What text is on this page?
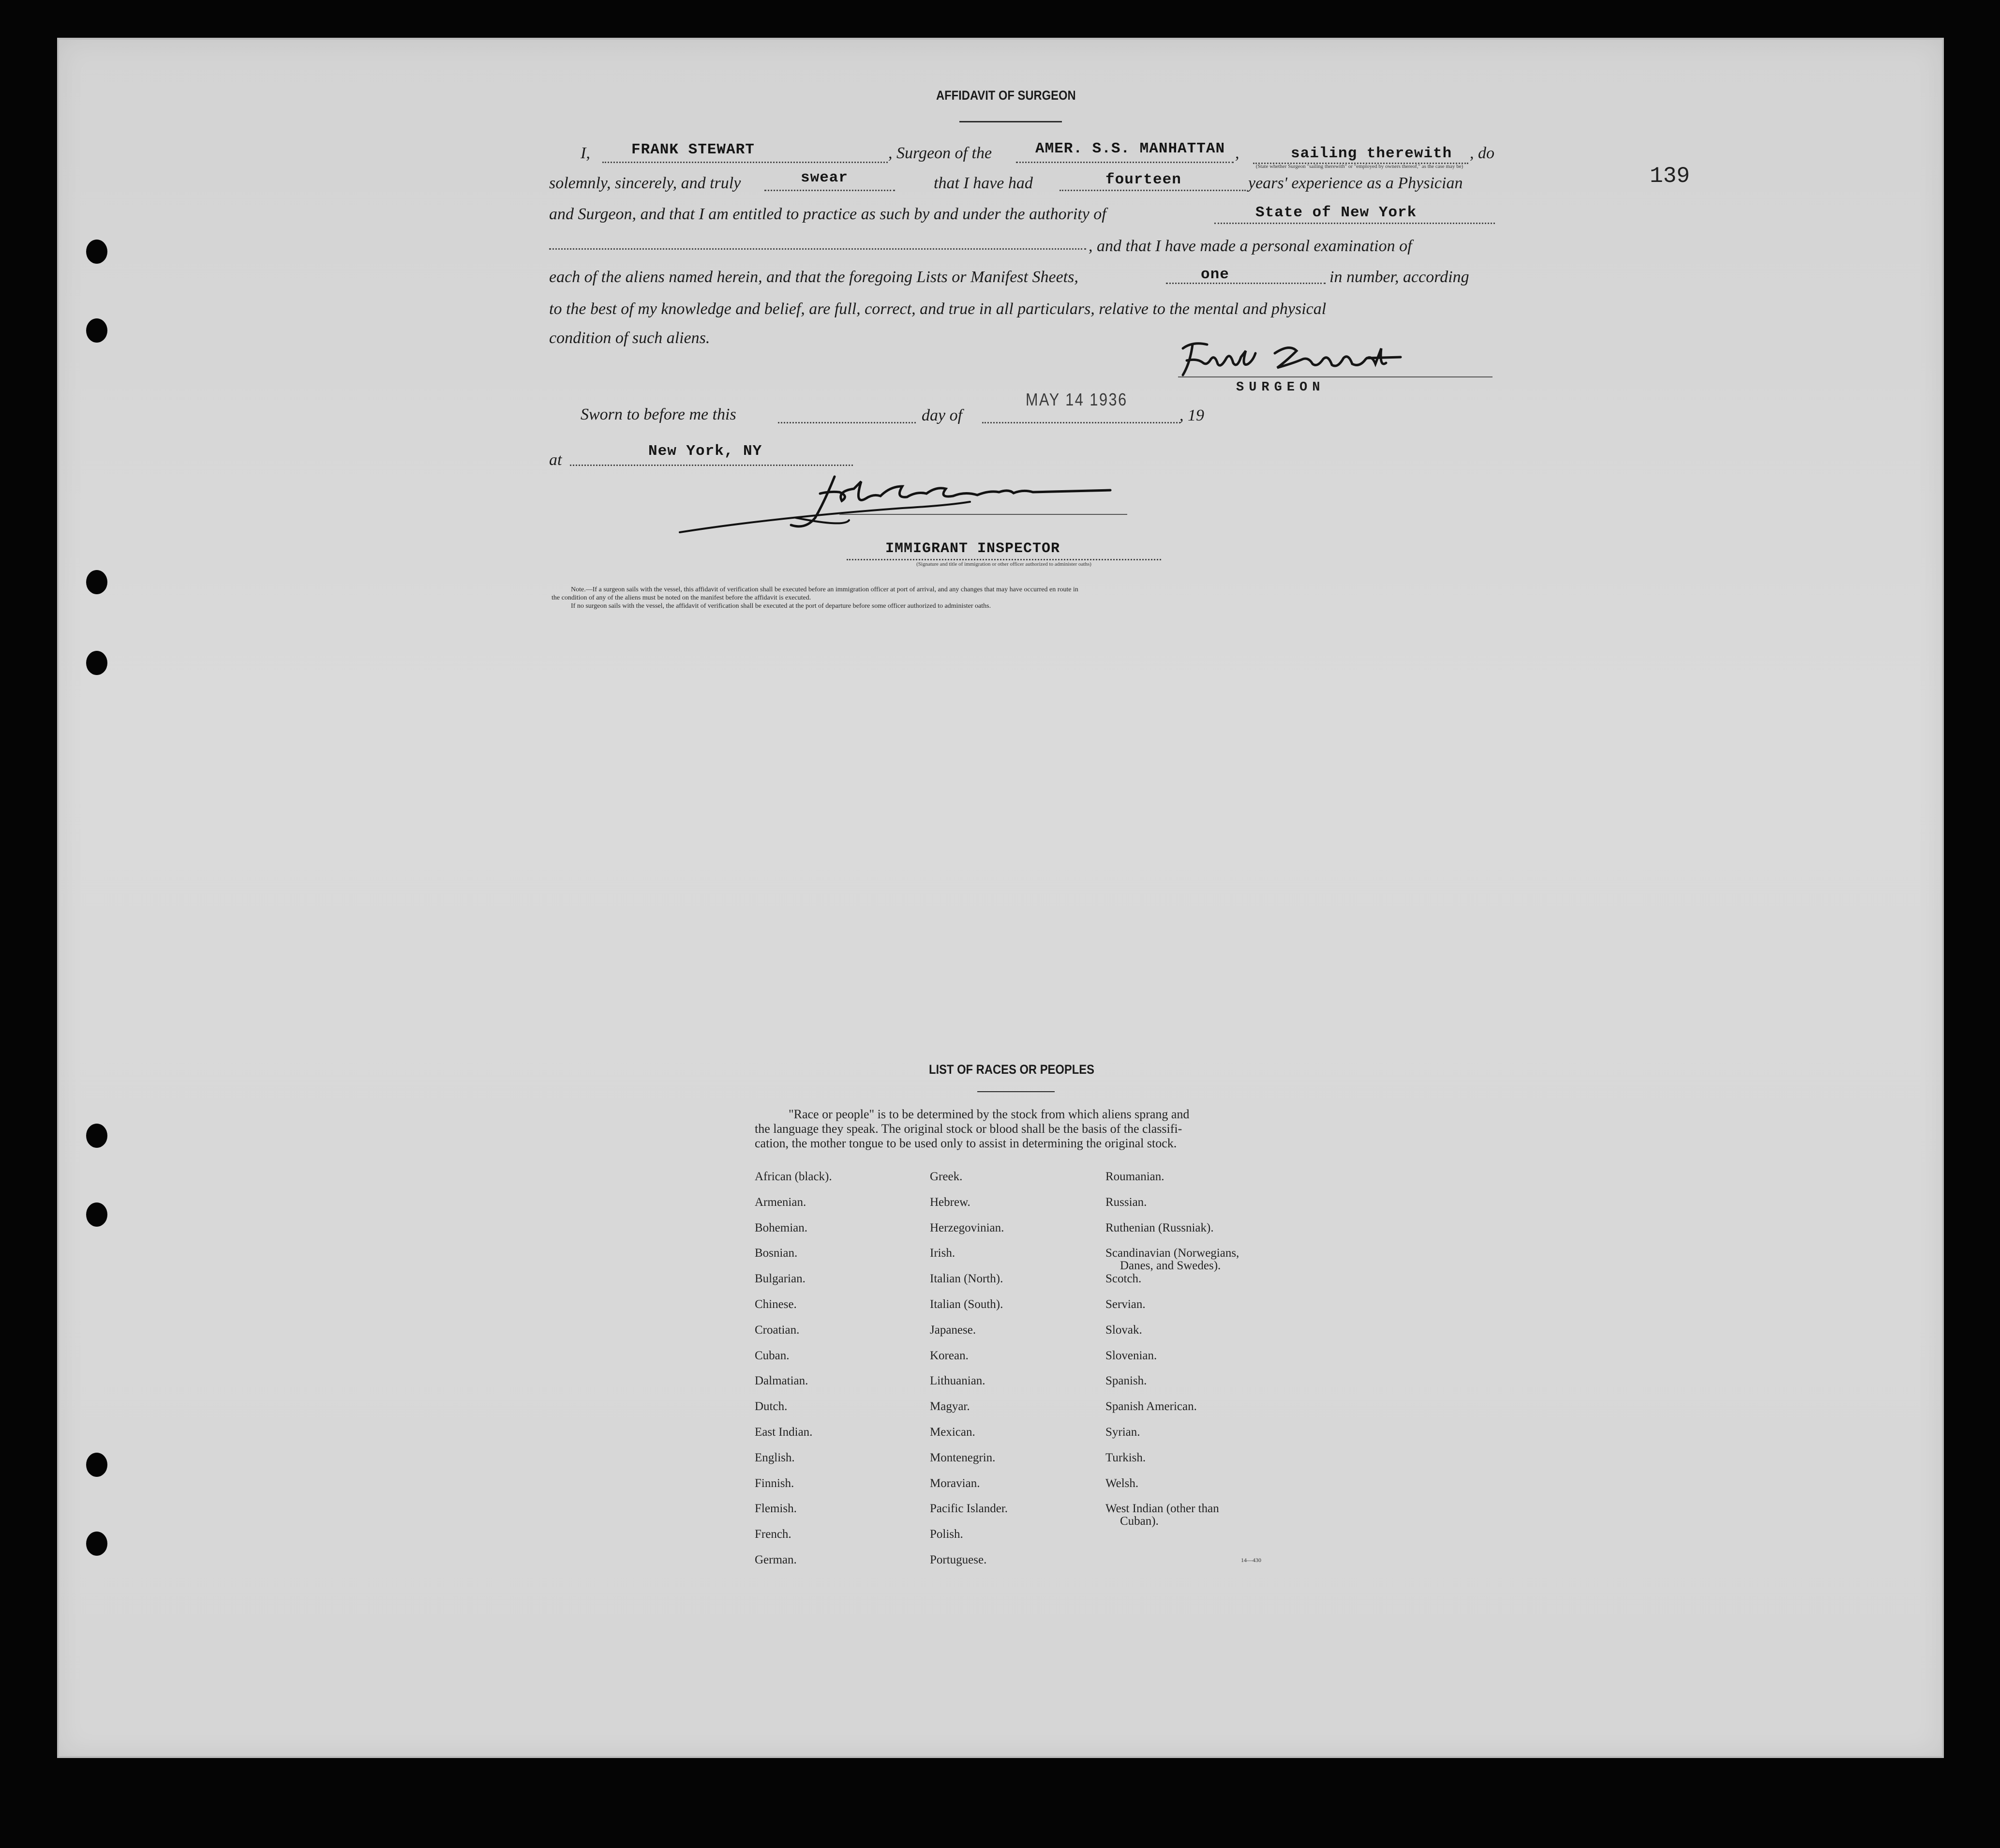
139
AFFIDAVIT OF SURGEON
I,	FRANK STEWART	, Surgeon of the	AMER. S.S. MANHATTAN ,	sailing therewith
(State whether Surgeon "sailing therewith" or "employed by owners thereof," as the case may be)
, do
solemnly, sincerely, and truly	swear	that I have had	fourteen	years' experience as a Physician
and Surgeon, and that I am entitled to practice as such by and under the authority of	State of New York
, and that I have made a personal examination of
each of the aliens named herein, and that the foregoing Lists or Manifest Sheets,	one	in number, according
to the best of my knowledge and belief, are full, correct, and true in all particulars, relative to the mental and physical
condition of such aliens.
SURGEON
Sworn to before me this	day of
MAY 14 1936
, 19
at	New York, NY
IMMIGRANT INSPECTOR
(Signature and title of immigration or other officer authorized to administer oaths)
Note.—If a surgeon sails with the vessel, this affidavit of verification shall be executed before an immigration officer at port of arrival, and any changes that may have occurred en route in
the condition of any of the aliens must be noted on the manifest before the affidavit is executed.
If no surgeon sails with the vessel, the affidavit of verification shall be executed at the port of departure before some officer authorized to administer oaths.
LIST OF RACES OR PEOPLES
"Race or people" is to be determined by the stock from which aliens sprang and
the language they speak. The original stock or blood shall be the basis of the classifi-
cation, the mother tongue to be used only to assist in determining the original stock.
African (black).
Armenian.
Bohemian.
Bosnian.
Bulgarian.
Chinese.
Croatian.
Cuban.
Dalmatian.
Dutch.
East Indian.
English.
Finnish.
Flemish.
French.
German.
Greek.
Hebrew.
Herzegovinian.
Irish.
Italian (North).
Italian (South).
Japanese.
Korean.
Lithuanian.
Magyar.
Mexican.
Montenegrin.
Moravian.
Pacific Islander.
Polish.
Portuguese.
Roumanian.
Russian.
Ruthenian (Russniak).
Scandinavian (Norwegians,
Danes, and Swedes).
Scotch.
Servian.
Slovak.
Slovenian.
Spanish.
Spanish American.
Syrian.
Turkish.
Welsh.
West Indian (other than
Cuban).
14—430
